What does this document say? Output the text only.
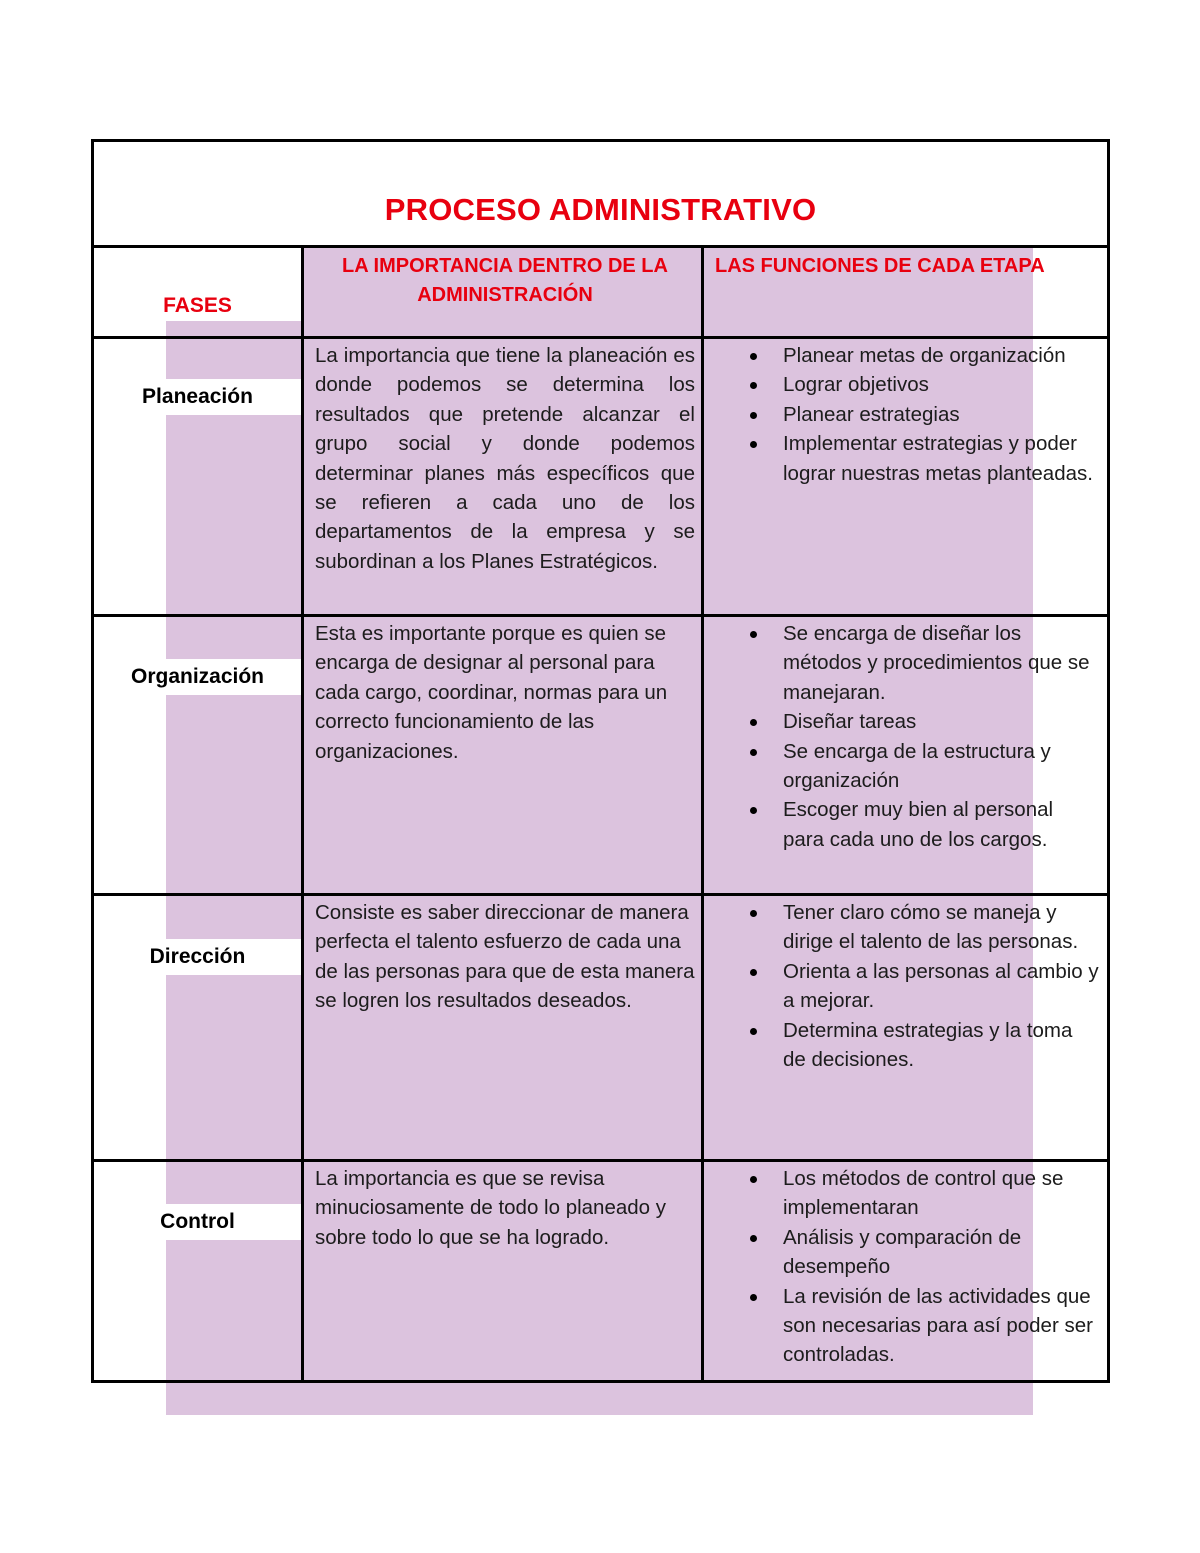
PROCESO ADMINISTRATIVO
FASES
LA IMPORTANCIA DENTRO DE LA ADMINISTRACIÓN
LAS FUNCIONES DE CADA ETAPA
Planeación

La importancia que tiene la planeación es donde podemos se determina los resultados que pretende alcanzar el grupo social y donde podemos determinar planes más específicos que se refieren a cada uno de los departamentos de la empresa y se subordinan a los Planes Estratégicos.

Planear metas de organización
Lograr objetivos
Planear estrategias
Implementar estrategias y poder lograr nuestras metas planteadas.
Organización

Esta es importante porque es quien se encarga de designar al personal para cada cargo, coordinar, normas para un correcto funcionamiento de las organizaciones.

Se encarga de diseñar los métodos y procedimientos que se manejaran.
Diseñar tareas
Se encarga de la estructura y organización
Escoger muy bien al personal para cada uno de los cargos.
Dirección

Consiste es saber direccionar de manera perfecta el talento esfuerzo de cada una de las personas para que de esta manera se logren los resultados deseados.

Tener claro cómo se maneja y dirige el talento de las personas.
Orienta a las personas al cambio y a mejorar.
Determina estrategias y la toma de decisiones.
Control

La importancia es que se revisa minuciosamente de todo lo planeado y sobre todo lo que se ha logrado.

Los métodos de control que se implementaran
Análisis y comparación de desempeño
La revisión de las actividades que son necesarias para así poder ser controladas.
